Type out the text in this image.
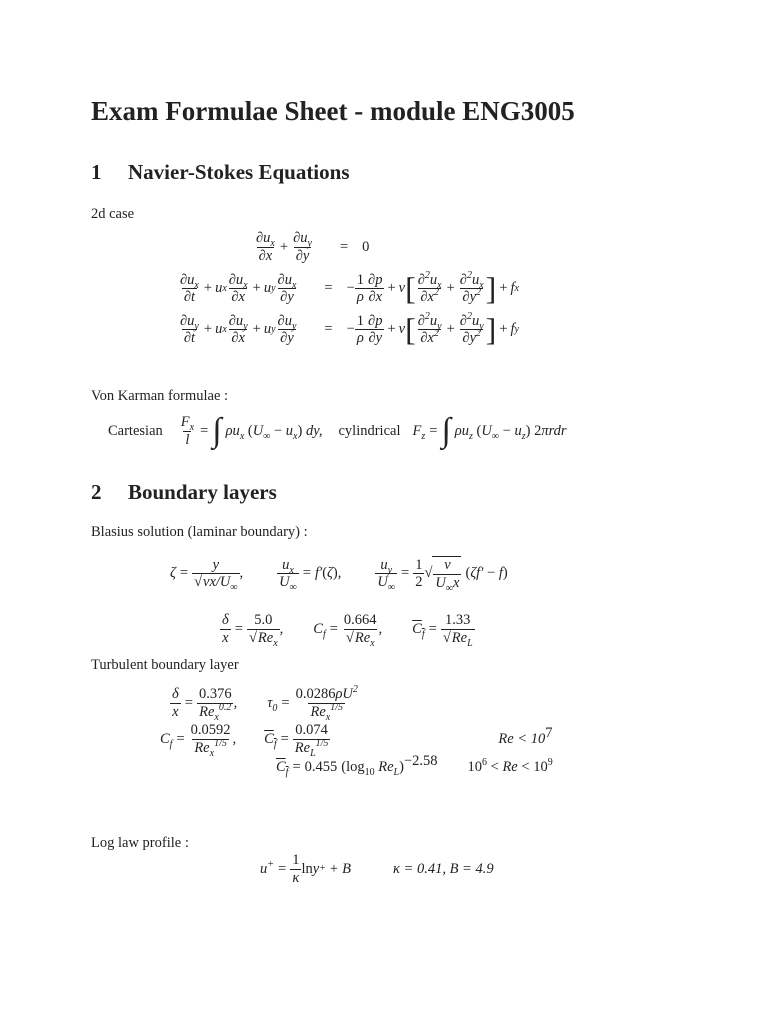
Exam Formulae Sheet - module ENG3005
1 Navier-Stokes Equations
2d case
$\frac{\partial u_x}{\partial x} + \frac{\partial u_y}{\partial y} = 0$
$\frac{\partial u_x}{\partial t} + u$ x $\frac{\partial u_x}{\partial x} + u$ y $\frac{\partial u_x}{\partial y}$ = − $\frac{1}{\rho} \frac{\partial p}{\partial x} + \nu$ [ $\frac{\partial^2u_x}{\partial x^2} + \frac{\partial^2u_x}{\partial y^2}$ ] + f x
$\frac{\partial u_y}{\partial t} + u$ x $\frac{\partial u_y}{\partial x} + u$ y $\frac{\partial u_y}{\partial y}$ = − $\frac{1}{\rho} \frac{\partial p}{\partial y} + \nu$ [ $\frac{\partial^2u_y}{\partial x^2} + \frac{\partial^2u_y}{\partial y^2}$ ] + f y
Von Karman formulae :
Cartesian $\frac{F_x}{l}$ = ∫ $\rho u_x$ $(U_\infty - u_x)$ dy, cylindrical $F_z$ = ∫ $\rho u_z$ $(U_\infty - u_z)$ 2πrdr
2 Boundary layers
Blasius solution (laminar boundary) :
$\zeta = \frac{y}{√\nu x/U_\infty}$ , $\frac{u_x}{U_\infty} = f'$ ( ζ ) , $\frac{u_y}{U_\infty} = \frac{1}{2}$ √ $\frac{\nu}{U_\infty x} (\zeta f' - f)$
$\frac{\delta}{x} = \frac{5.0}{√Re_x}$ , $C_f = \frac{0.664}{√Re_x}$ , $C_f = \frac{1.33}{√Re_L}$
Turbulent boundary layer
$\frac{\delta}{x} = \frac{0.376}{Re_x^{0.2}}$ , $\tau_0 = \frac{0.0286\rho U^2}{Re_x^{1/5}}$
$C_f = \frac{0.0592}{Re_x^{1/5}}$ , $C_f = \frac{0.074}{Re_L^{1/5}}$	$Re < 10^7$
$C_f = 0.455$ ($\log_{10}$ $Re_L)^{-2.58}$ $10^6 < Re < 10^9$
Log law profile :
$u^+ = \frac{1}{\kappa}$ ln y + + B	κ = 0.41, B = 4.9
